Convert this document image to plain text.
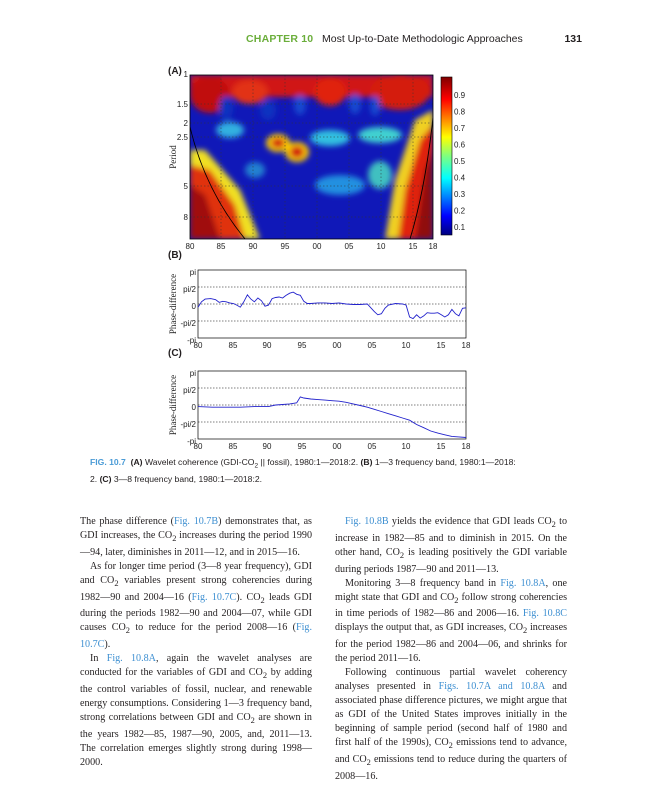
CHAPTER 10 Most Up-to-Date Methodologic Approaches	131
(A)
(B)
(C)
1
1.5
2
2.5
5
8
80	85	90	95	00	05	10	15 18
Period
0.9
0.8
0.7
0.6
0.5
0.4
0.3
0.2
0.1
pi
pi/2
0
-pi/2
-pi
80	85	90	95	00	05	10	15 18
Phase-difference
pi
pi/2
0
-pi/2
-pi
80	85	90	95	00	05	10	15 18
Phase-difference
FIG. 10.7 (A) Wavelet coherence ($GDI-CO_2$ || fossil), 1980:1—2018:2. (B) 1—3 frequency band, 1980:1—2018:
2. (C) 3—8 frequency band, 1980:1—2018:2.

The phase difference (Fig. 10.7B) demonstrates that, as GDI increases, the $CO_2$ increases during the period 1990—94, later, diminishes in 2011—12, and in 2015—16.

As for longer time period (3—8 year frequency), GDI and $CO_2$ variables present strong coherencies during 1982—90 and 2004—16 (Fig. 10.7C). $CO_2$ leads GDI during the periods 1982—90 and 2004—07, while GDI causes $CO_2$ to reduce for the period 2008—16 (Fig. 10.7C).

In Fig. 10.8A, again the wavelet analyses are conducted for the variables of GDI and $CO_2$ by adding the control variables of fossil, nuclear, and renewable energy consumptions. Considering 1—3 frequency band, strong correlations between GDI and $CO_2$ are shown in the years 1982—85, 1987—90, 2005, and, 2011—13. The correlation emerges slightly strong during 1998—2000.

Fig. 10.8B yields the evidence that GDI leads $CO_2$ to increase in 1982—85 and to diminish in 2015. On the other hand, $CO_2$ is leading positively the GDI variable during periods 1987—90 and 2011—13.

Monitoring 3—8 frequency band in Fig. 10.8A, one might state that GDI and $CO_2$ follow strong coherencies in time periods of 1982—86 and 2006—16. Fig. 10.8C displays the output that, as GDI increases, $CO_2$ increases for the period 1982—86 and 2004—06, and shrinks for the period 2011—16.

Following continuous partial wavelet coherency analyses presented in Figs. 10.7A and 10.8A and associated phase difference pictures, we might argue that as GDI of the United States improves initially in the beginning of sample period (second half of 1980 and first half of the 1990s), $CO_2$ emissions tend to advance, and $CO_2$ emissions tend to reduce during the quarters of 2008—16.
